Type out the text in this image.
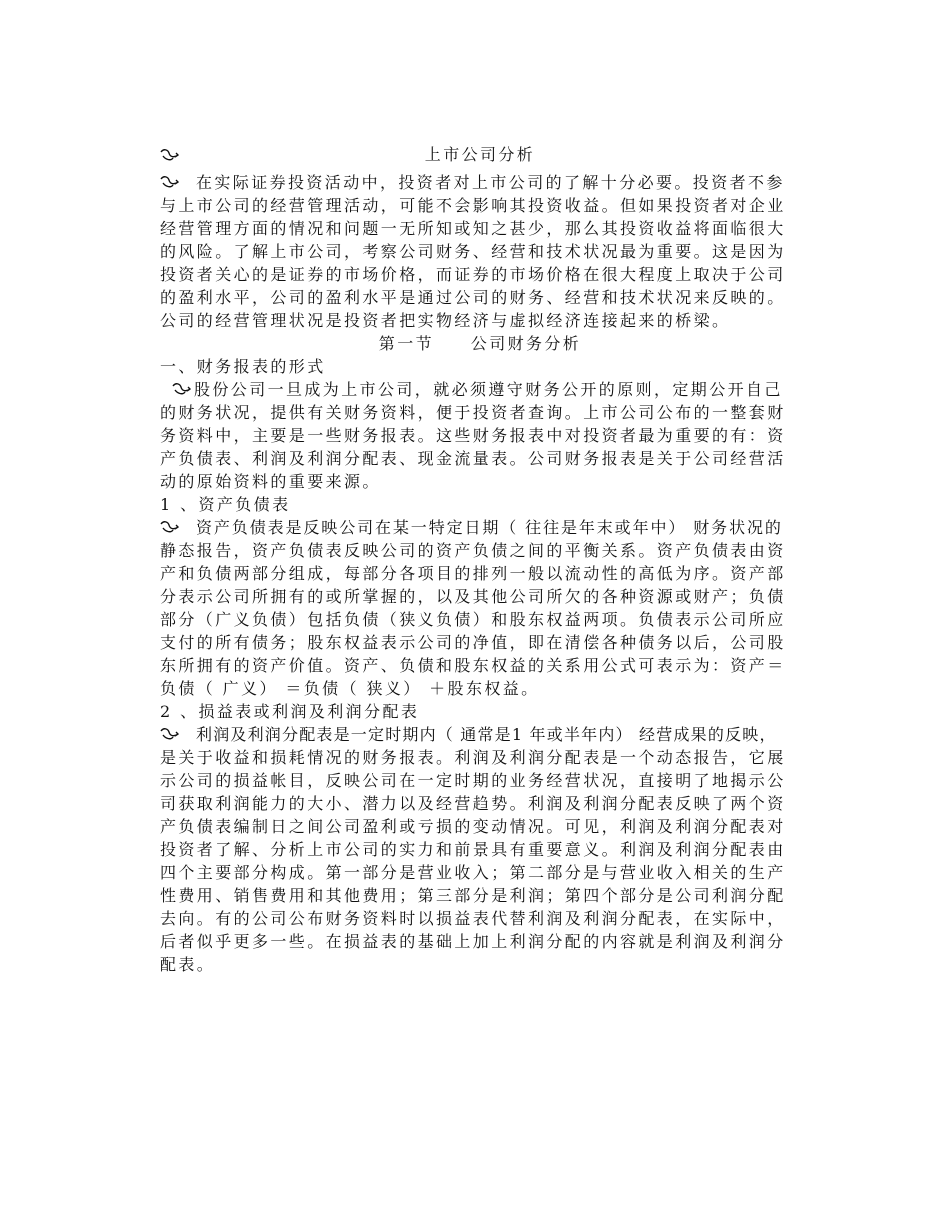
上市公司分析
在实际证券投资活动中，投资者对上市公司的了解十分必要。投资者不参
与上市公司的经营管理活动，可能不会影响其投资收益。但如果投资者对企业
经营管理方面的情况和问题一无所知或知之甚少，那么其投资收益将面临很大
的风险。了解上市公司，考察公司财务、经营和技术状况最为重要。这是因为
投资者关心的是证券的市场价格，而证券的市场价格在很大程度上取决于公司
的盈利水平，公司的盈利水平是通过公司的财务、经营和技术状况来反映的。
公司的经营管理状况是投资者把实物经济与虚拟经济连接起来的桥梁。
第一节　　公司财务分析
一、财务报表的形式
股份公司一旦成为上市公司，就必须遵守财务公开的原则，定期公开自己
的财务状况，提供有关财务资料，便于投资者查询。上市公司公布的一整套财
务资料中，主要是一些财务报表。这些财务报表中对投资者最为重要的有：资
产负债表、利润及利润分配表、现金流量表。公司财务报表是关于公司经营活
动的原始资料的重要来源。
1 、资产负债表
资产负债表是反映公司在某一特定日期（ 往往是年末或年中） 财务状况的
静态报告，资产负债表反映公司的资产负债之间的平衡关系。资产负债表由资
产和负债两部分组成，每部分各项目的排列一般以流动性的高低为序。资产部
分表示公司所拥有的或所掌握的，以及其他公司所欠的各种资源或财产；负债
部分（广义负债）包括负债（狭义负债）和股东权益两项。负债表示公司所应
支付的所有债务；股东权益表示公司的净值，即在清偿各种债务以后，公司股
东所拥有的资产价值。资产、负债和股东权益的关系用公式可表示为：资产＝
负债（ 广义） ＝负债（ 狭义） ＋股东权益。
2 、损益表或利润及利润分配表
利润及利润分配表是一定时期内（ 通常是1 年或半年内） 经营成果的反映，
是关于收益和损耗情况的财务报表。利润及利润分配表是一个动态报告，它展
示公司的损益帐目，反映公司在一定时期的业务经营状况，直接明了地揭示公
司获取利润能力的大小、潜力以及经营趋势。利润及利润分配表反映了两个资
产负债表编制日之间公司盈利或亏损的变动情况。可见，利润及利润分配表对
投资者了解、分析上市公司的实力和前景具有重要意义。利润及利润分配表由
四个主要部分构成。第一部分是营业收入；第二部分是与营业收入相关的生产
性费用、销售费用和其他费用；第三部分是利润；第四个部分是公司利润分配
去向。有的公司公布财务资料时以损益表代替利润及利润分配表，在实际中，
后者似乎更多一些。在损益表的基础上加上利润分配的内容就是利润及利润分
配表。
